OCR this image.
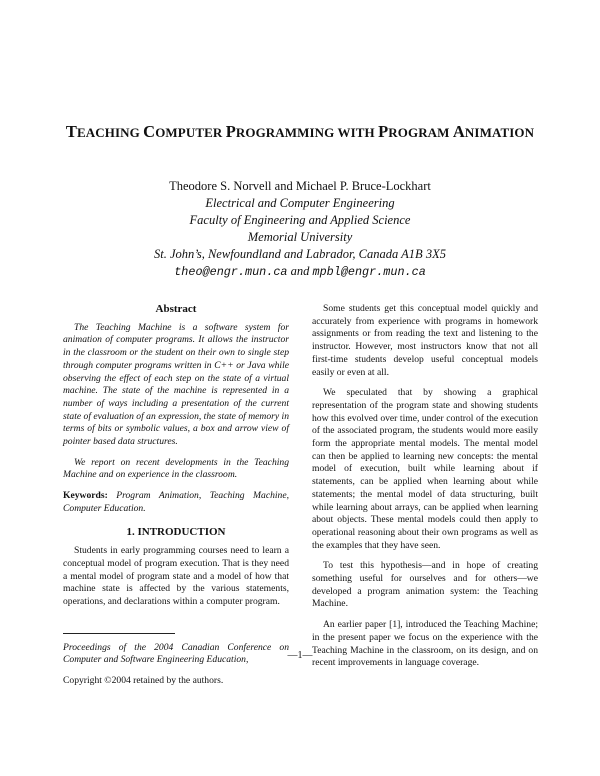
TEACHING COMPUTER PROGRAMMING WITH PROGRAM ANIMATION
Theodore S. Norvell and Michael P. Bruce-Lockhart
Electrical and Computer Engineering
Faculty of Engineering and Applied Science
Memorial University
St. John’s, Newfoundland and Labrador, Canada A1B 3X5
theo@engr.mun.ca and mpbl@engr.mun.ca
Abstract

The Teaching Machine is a software system for animation of computer programs. It allows the instructor in the classroom or the student on their own to single step through computer programs written in C++ or Java while observing the effect of each step on the state of a virtual machine. The state of the machine is represented in a number of ways including a presentation of the current state of evaluation of an expression, the state of memory in terms of bits or symbolic values, a box and arrow view of pointer based data structures.

We report on recent developments in the Teaching Machine and on experience in the classroom.

Keywords: Program Animation, Teaching Machine, Computer Education.

1. INTRODUCTION

Students in early programming courses need to learn a conceptual model of program execution. That is they need a mental model of program state and a model of how that machine state is affected by the various statements, operations, and declarations within a computer program.

Proceedings of the 2004 Canadian Conference on Computer and Software Engineering Education,

Copyright ©2004 retained by the authors.

Some students get this conceptual model quickly and accurately from experience with programs in homework assignments or from reading the text and listening to the instructor. However, most instructors know that not all first-time students develop useful conceptual models easily or even at all.

We speculated that by showing a graphical representation of the program state and showing students how this evolved over time, under control of the execution of the associated program, the students would more easily form the appropriate mental models. The mental model can then be applied to learning new concepts: the mental model of execution, built while learning about if statements, can be applied when learning about while statements; the mental model of data structuring, built while learning about arrays, can be applied when learning about objects. These mental models could then apply to operational reasoning about their own programs as well as the examples that they have seen.

To test this hypothesis—and in hope of creating something useful for ourselves and for others—we developed a program animation system: the Teaching Machine.

An earlier paper [1], introduced the Teaching Machine; in the present paper we focus on the experience with the Teaching Machine in the classroom, on its design, and on recent improvements in language coverage.

—1—
